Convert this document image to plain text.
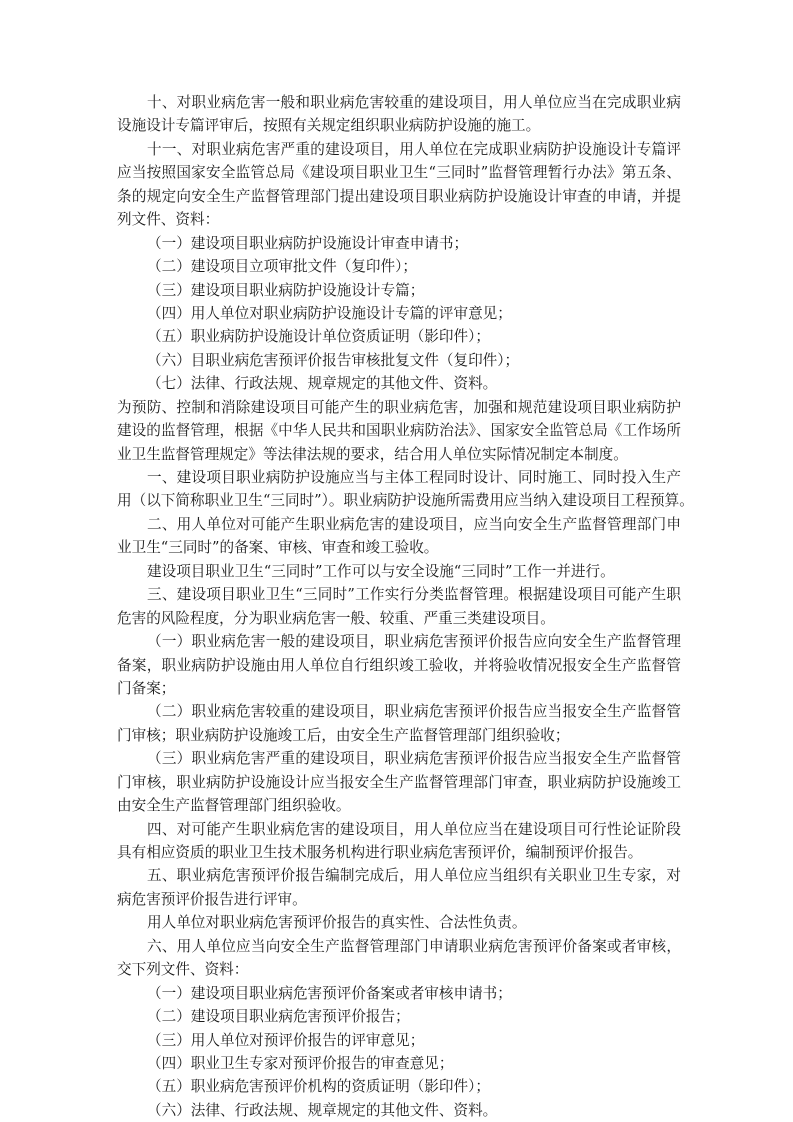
十、对职业病危害一般和职业病危害较重的建设项目，用人单位应当在完成职业病
设施设计专篇评审后，按照有关规定组织职业病防护设施的施工。
十一、对职业病危害严重的建设项目，用人单位在完成职业病防护设施设计专篇评
应当按照国家安全监管总局《建设项目职业卫生“三同时”监督管理暂行办法》第五条、
条的规定向安全生产监督管理部门提出建设项目职业病防护设施设计审查的申请，并提
列文件、资料：
（一）建设项目职业病防护设施设计审查申请书；
（二）建设项目立项审批文件（复印件）；
（三）建设项目职业病防护设施设计专篇；
（四）用人单位对职业病防护设施设计专篇的评审意见；
（五）职业病防护设施设计单位资质证明（影印件）；
（六）目职业病危害预评价报告审核批复文件（复印件）；
（七）法律、行政法规、规章规定的其他文件、资料。
为预防、控制和消除建设项目可能产生的职业病危害，加强和规范建设项目职业病防护
建设的监督管理，根据《中华人民共和国职业病防治法》、国家安全监管总局《工作场所
业卫生监督管理规定》等法律法规的要求，结合用人单位实际情况制定本制度。
一、建设项目职业病防护设施应当与主体工程同时设计、同时施工、同时投入生产
用（以下简称职业卫生“三同时”）。职业病防护设施所需费用应当纳入建设项目工程预算。
二、用人单位对可能产生职业病危害的建设项目，应当向安全生产监督管理部门申
业卫生“三同时”的备案、审核、审查和竣工验收。
建设项目职业卫生“三同时”工作可以与安全设施“三同时”工作一并进行。
三、建设项目职业卫生“三同时”工作实行分类监督管理。根据建设项目可能产生职
危害的风险程度，分为职业病危害一般、较重、严重三类建设项目。
（一）职业病危害一般的建设项目，职业病危害预评价报告应向安全生产监督管理
备案，职业病防护设施由用人单位自行组织竣工验收，并将验收情况报安全生产监督管
门备案；
（二）职业病危害较重的建设项目，职业病危害预评价报告应当报安全生产监督管
门审核；职业病防护设施竣工后，由安全生产监督管理部门组织验收；
（三）职业病危害严重的建设项目，职业病危害预评价报告应当报安全生产监督管
门审核，职业病防护设施设计应当报安全生产监督管理部门审查，职业病防护设施竣工
由安全生产监督管理部门组织验收。
四、对可能产生职业病危害的建设项目，用人单位应当在建设项目可行性论证阶段
具有相应资质的职业卫生技术服务机构进行职业病危害预评价，编制预评价报告。
五、职业病危害预评价报告编制完成后，用人单位应当组织有关职业卫生专家，对
病危害预评价报告进行评审。
用人单位对职业病危害预评价报告的真实性、合法性负责。
六、用人单位应当向安全生产监督管理部门申请职业病危害预评价备案或者审核，
交下列文件、资料：
（一）建设项目职业病危害预评价备案或者审核申请书；
（二）建设项目职业病危害预评价报告；
（三）用人单位对预评价报告的评审意见；
（四）职业卫生专家对预评价报告的审查意见；
（五）职业病危害预评价机构的资质证明（影印件）；
（六）法律、行政法规、规章规定的其他文件、资料。
